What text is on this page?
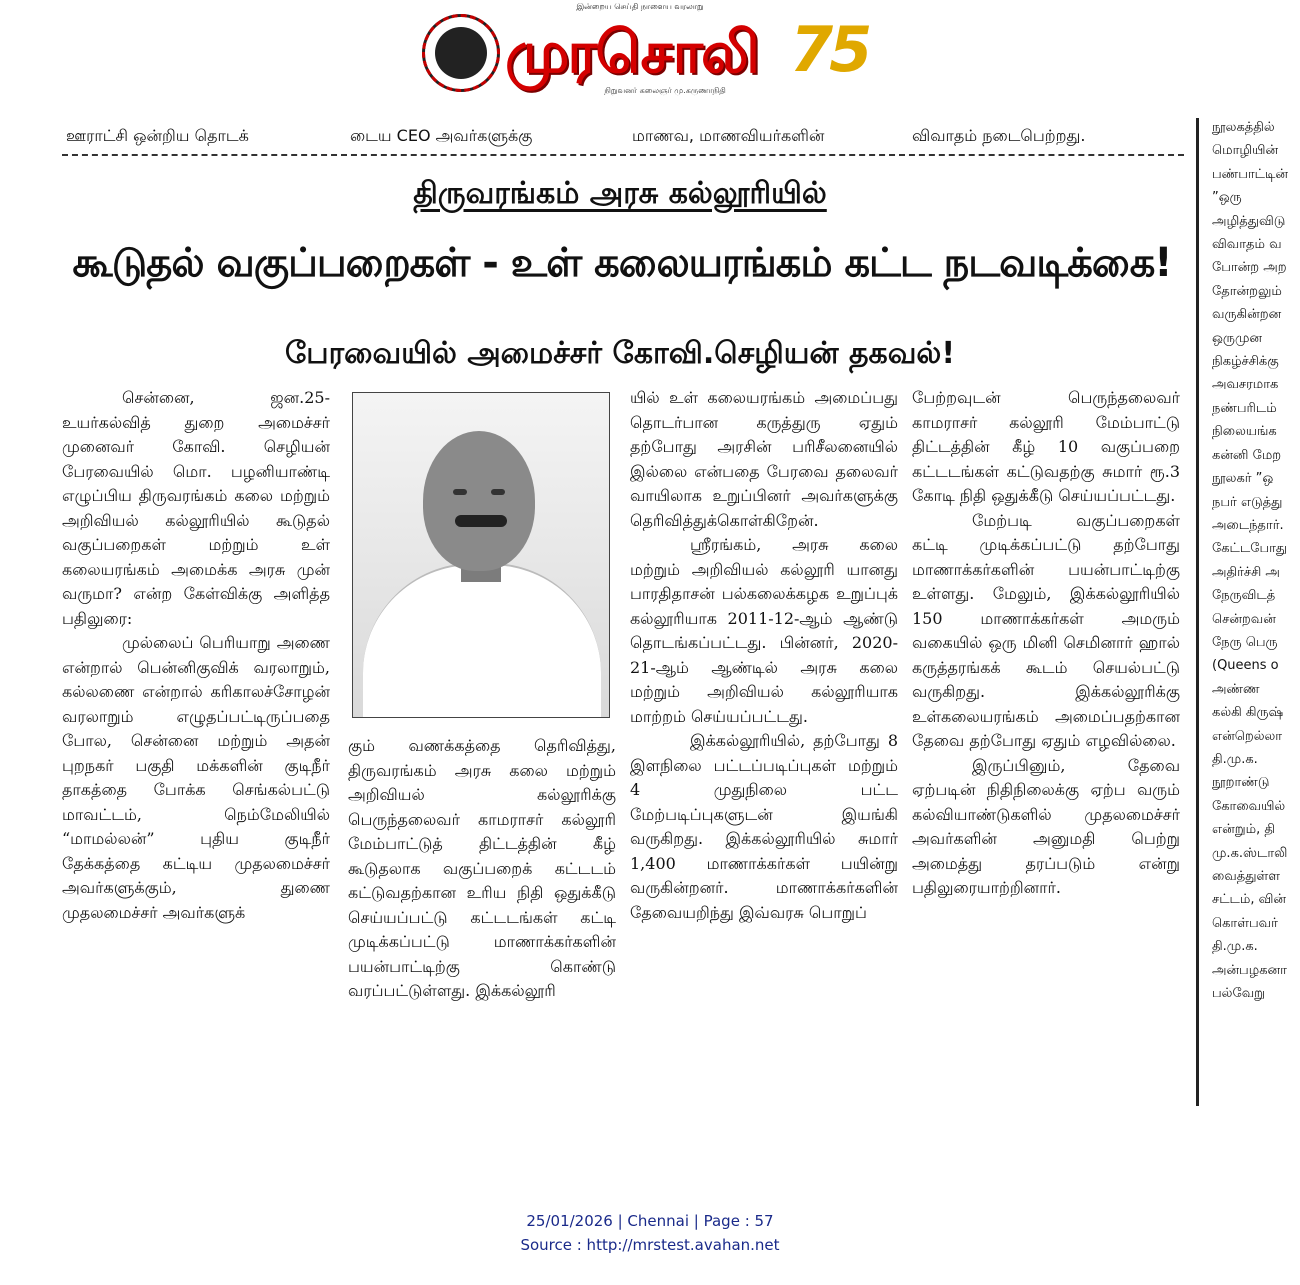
இன்றைய செய்தி நாளைய வரலாறு
முரசொலி
நிறுவனர் கலைஞர் மு.கருணாநிதி
75
ஊராட்சி ஒன்றிய தொடக்	டைய CEO அவர்களுக்கு	மாணவ, மாணவியர்களின்	விவாதம் நடைபெற்றது.
திருவரங்கம் அரசு கல்லூரியில்
கூடுதல் வகுப்பறைகள் - உள் கலையரங்கம் கட்ட நடவடிக்கை!
பேரவையில் அமைச்சர் கோவி.செழியன் தகவல்!

சென்னை, ஜன.25- உயர்கல்வித் துறை அமைச்சர் முனைவர் கோவி. செழியன் பேரவையில் மொ. பழனியாண்டி எழுப்பிய திருவரங்கம் கலை மற்றும் அறிவியல் கல்லூரியில் கூடுதல் வகுப்பறைகள் மற்றும் உள் கலையரங்கம் அமைக்க அரசு முன் வருமா? என்ற கேள்விக்கு அளித்த பதிலுரை:

முல்லைப் பெரியாறு அணை என்றால் பென்னிகுவிக் வரலாறும், கல்லணை என்றால் கரிகாலச்சோழன் வரலாறும் எழுதப்பட்டிருப்பதை போல, சென்னை மற்றும் அதன் புறநகர் பகுதி மக்களின் குடிநீர் தாகத்தை போக்க செங்கல்பட்டு மாவட்டம், நெம்மேலியில் “மாமல்லன்” புதிய குடிநீர் தேக்கத்தை கட்டிய முதலமைச்சர் அவர்களுக்கும், துணை முதலமைச்சர் அவர்களுக்

கும் வணக்கத்தை தெரிவித்து, திருவரங்கம் அரசு கலை மற்றும் அறிவியல் கல்லூரிக்கு பெருந்தலைவர் காமராசர் கல்லூரி மேம்பாட்டுத் திட்டத்தின் கீழ் கூடுதலாக வகுப்பறைக் கட்டடம் கட்டுவதற்கான உரிய நிதி ஒதுக்கீடு செய்யப்பட்டு கட்டடங்கள் கட்டி முடிக்கப்பட்டு மாணாக்கர்களின் பயன்பாட்டிற்கு கொண்டு வரப்பட்டுள்ளது. இக்கல்லூரி

யில் உள் கலையரங்கம் அமைப்பது தொடர்பான கருத்துரு ஏதும் தற்போது அரசின் பரிசீலனையில் இல்லை என்பதை பேரவை தலைவர் வாயிலாக உறுப்பினர் அவர்களுக்கு தெரிவித்துக்கொள்கிறேன்.

ஸ்ரீரங்கம், அரசு கலை மற்றும் அறிவியல் கல்லூரி யானது பாரதிதாசன் பல்கலைக்கழக உறுப்புக் கல்லூரியாக 2011-12-ஆம் ஆண்டு தொடங்கப்பட்டது. பின்னர், 2020-21-ஆம் ஆண்டில் அரசு கலை மற்றும் அறிவியல் கல்லூரியாக மாற்றம் செய்யப்பட்டது.

இக்கல்லூரியில், தற்போது 8 இளநிலை பட்டப்படிப்புகள் மற்றும் 4 முதுநிலை பட்ட மேற்படிப்புகளுடன் இயங்கி வருகிறது. இக்கல்லூரியில் சுமார் 1,400 மாணாக்கர்கள் பயின்று வருகின்றனர். மாணாக்கர்களின் தேவையறிந்து இவ்வரசு பொறுப்

பேற்றவுடன் பெருந்தலைவர் காமராசர் கல்லூரி மேம்பாட்டு திட்டத்தின் கீழ் 10 வகுப்பறை கட்டடங்கள் கட்டுவதற்கு சுமார் ரூ.3 கோடி நிதி ஒதுக்கீடு செய்யப்பட்டது.

மேற்படி வகுப்பறைகள் கட்டி முடிக்கப்பட்டு தற்போது மாணாக்கர்களின் பயன்பாட்டிற்கு உள்ளது. மேலும், இக்கல்லூரியில் 150 மாணாக்கர்கள் அமரும் வகையில் ஒரு மினி செமினார் ஹால் கருத்தரங்கக் கூடம் செயல்பட்டு வருகிறது. இக்கல்லூரிக்கு உள்கலையரங்கம் அமைப்பதற்கான தேவை தற்போது ஏதும் எழவில்லை.

இருப்பினும், தேவை ஏற்படின் நிதிநிலைக்கு ஏற்ப வரும் கல்வியாண்டுகளில் முதலமைச்சர் அவர்களின் அனுமதி பெற்று அமைத்து தரப்படும் என்று பதிலுரையாற்றினார்.

நூலகத்தில்
மொழியின்
பண்பாட்டின்
”ஒரு
அழித்துவிடு
விவாதம் வ
போன்ற அற
தோன்றலும்
வருகின்றன
ஒருமுன
நிகழ்ச்சிக்கு
அவசரமாக
நண்பரிடம்
நிலையங்க
கன்னி மேற
நூலகர் ”ஒ
நபர் எடுத்து
அடைந்தார்.
கேட்டபோது
அதிர்ச்சி அ
நேருவிடத்
சென்றவன்
நேரு பெரு
(Queens o
அண்ண
கல்கி கிருஷ்
என்றெல்லா
தி.மு.க.
நூறாண்டு
கோவையில்
என்றும், தி
மு.க.ஸ்டாலி
வைத்துள்ள
சட்டம், வின்
கொள்பவர்
தி.மு.க.
அன்பழகனா
பல்வேறு
25/01/2026 | Chennai | Page : 57
Source : http://mrstest.avahan.net
